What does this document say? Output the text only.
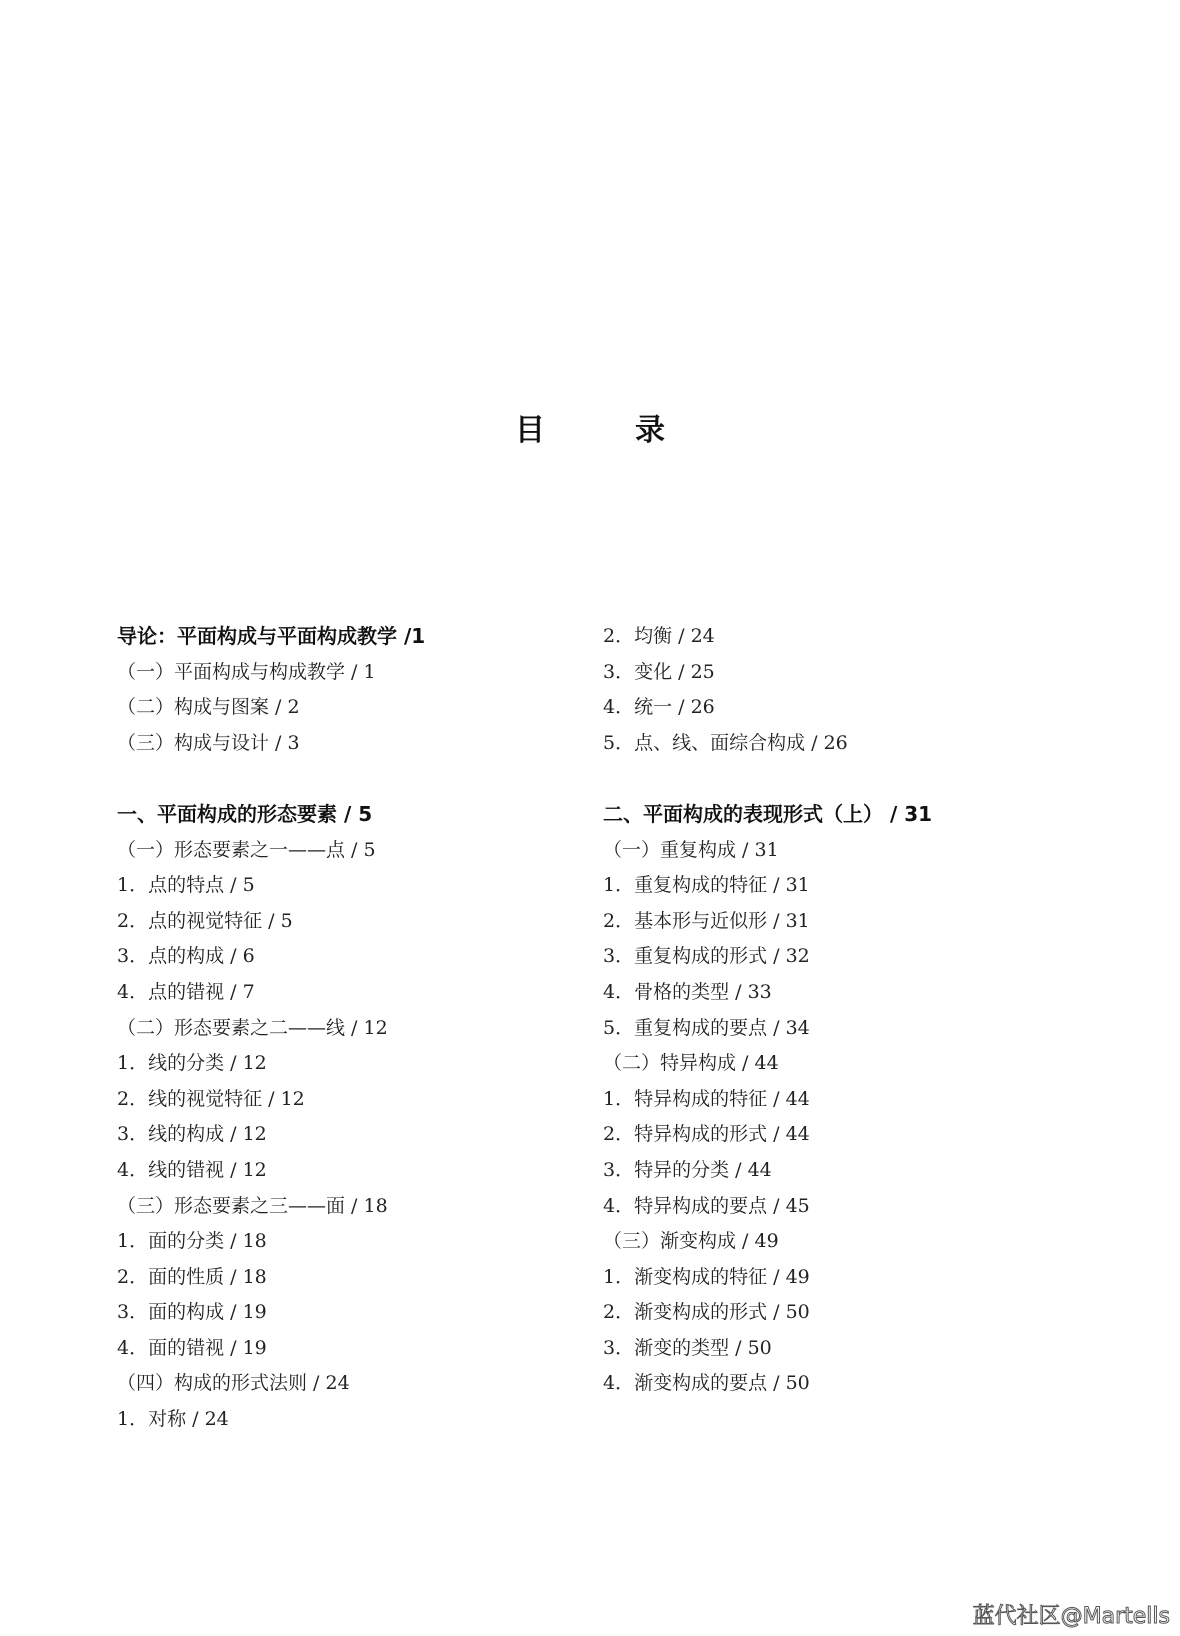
目　录
导论：平面构成与平面构成教学 /1
（一）平面构成与构成教学 / 1
（二）构成与图案 / 2
（三）构成与设计 / 3
一、平面构成的形态要素 / 5
（一）形态要素之一——点 / 5
1．点的特点 / 5
2．点的视觉特征 / 5
3．点的构成 / 6
4．点的错视 / 7
（二）形态要素之二——线 / 12
1．线的分类 / 12
2．线的视觉特征 / 12
3．线的构成 / 12
4．线的错视 / 12
（三）形态要素之三——面 / 18
1．面的分类 / 18
2．面的性质 / 18
3．面的构成 / 19
4．面的错视 / 19
（四）构成的形式法则 / 24
1．对称 / 24
2．均衡 / 24
3．变化 / 25
4．统一 / 26
5．点、线、面综合构成 / 26
二、平面构成的表现形式（上） / 31
（一）重复构成 / 31
1．重复构成的特征 / 31
2．基本形与近似形 / 31
3．重复构成的形式 / 32
4．骨格的类型 / 33
5．重复构成的要点 / 34
（二）特异构成 / 44
1．特异构成的特征 / 44
2．特异构成的形式 / 44
3．特异的分类 / 44
4．特异构成的要点 / 45
（三）渐变构成 / 49
1．渐变构成的特征 / 49
2．渐变构成的形式 / 50
3．渐变的类型 / 50
4．渐变构成的要点 / 50
蓝代社区@Martells
